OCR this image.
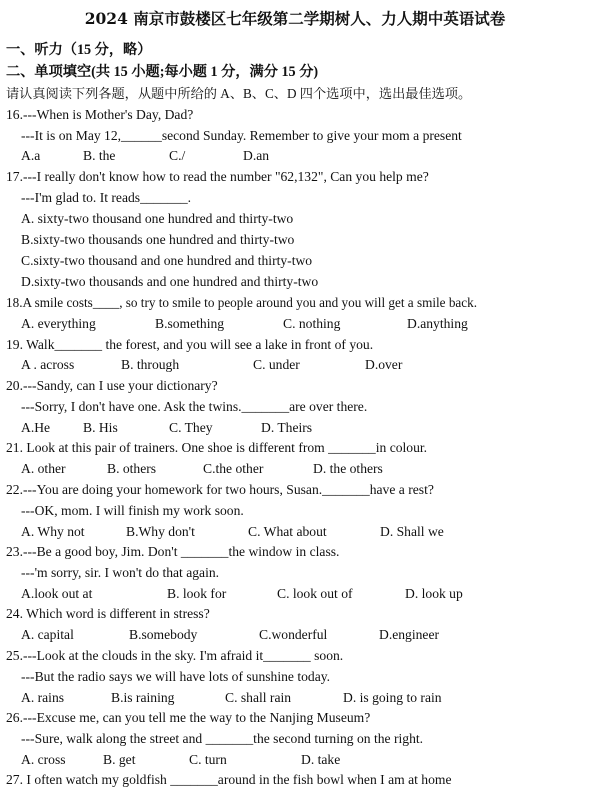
2024 南京市鼓楼区七年级第二学期树人、力人期中英语试卷
一、听力（15 分，略）
二、单项填空(共 15 小题;每小题 1 分，满分 15 分)
请认真阅读下列各题，从题中所给的 A、B、C、D 四个选项中，选出最佳选项。
16.---When is Mother's Day, Dad?
---It is on May 12,______second Sunday. Remember to give your mom a present
A.a	B. the	C./	D.an
17.---I really don't know how to read the number "62,132", Can you help me?
---I'm glad to. It reads_______.
A. sixty-two thousand one hundred and thirty-two
B.sixty-two thousands one hundred and thirty-two
C.sixty-two thousand and one hundred and thirty-two
D.sixty-two thousands and one hundred and thirty-two
18.A smile costs____, so try to smile to people around you and you will get a smile back.
A. everything	B.something	C. nothing	D.anything
19. Walk_______ the forest, and you will see a lake in front of you.
A . across	B. through	C. under	D.over
20.---Sandy, can I use your dictionary?
---Sorry, I don't have one. Ask the twins._______are over there.
A.He B. His	C. They	D. Theirs
21. Look at this pair of trainers. One shoe is different from _______in colour.
A. other	B. others	C.the other	D. the others
22.---You are doing your homework for two hours, Susan._______have a rest?
---OK, mom. I will finish my work soon.
A. Why not	B.Why don't	C. What about	D. Shall we
23.---Be a good boy, Jim. Don't _______the window in class.
---'m sorry, sir. I won't do that again.
A.look out at	B. look for	C. look out of	D. look up
24. Which word is different in stress?
A. capital	B.somebody	C.wonderful	D.engineer
25.---Look at the clouds in the sky. I'm afraid it_______ soon.
---But the radio says we will have lots of sunshine today.
A. rains	B.is raining	C. shall rain	D. is going to rain
26.---Excuse me, can you tell me the way to the Nanjing Museum?
---Sure, walk along the street and _______the second turning on the right.
A. cross	B. get	C. turn	D. take
27. I often watch my goldfish _______around in the fish bowl when I am at home
